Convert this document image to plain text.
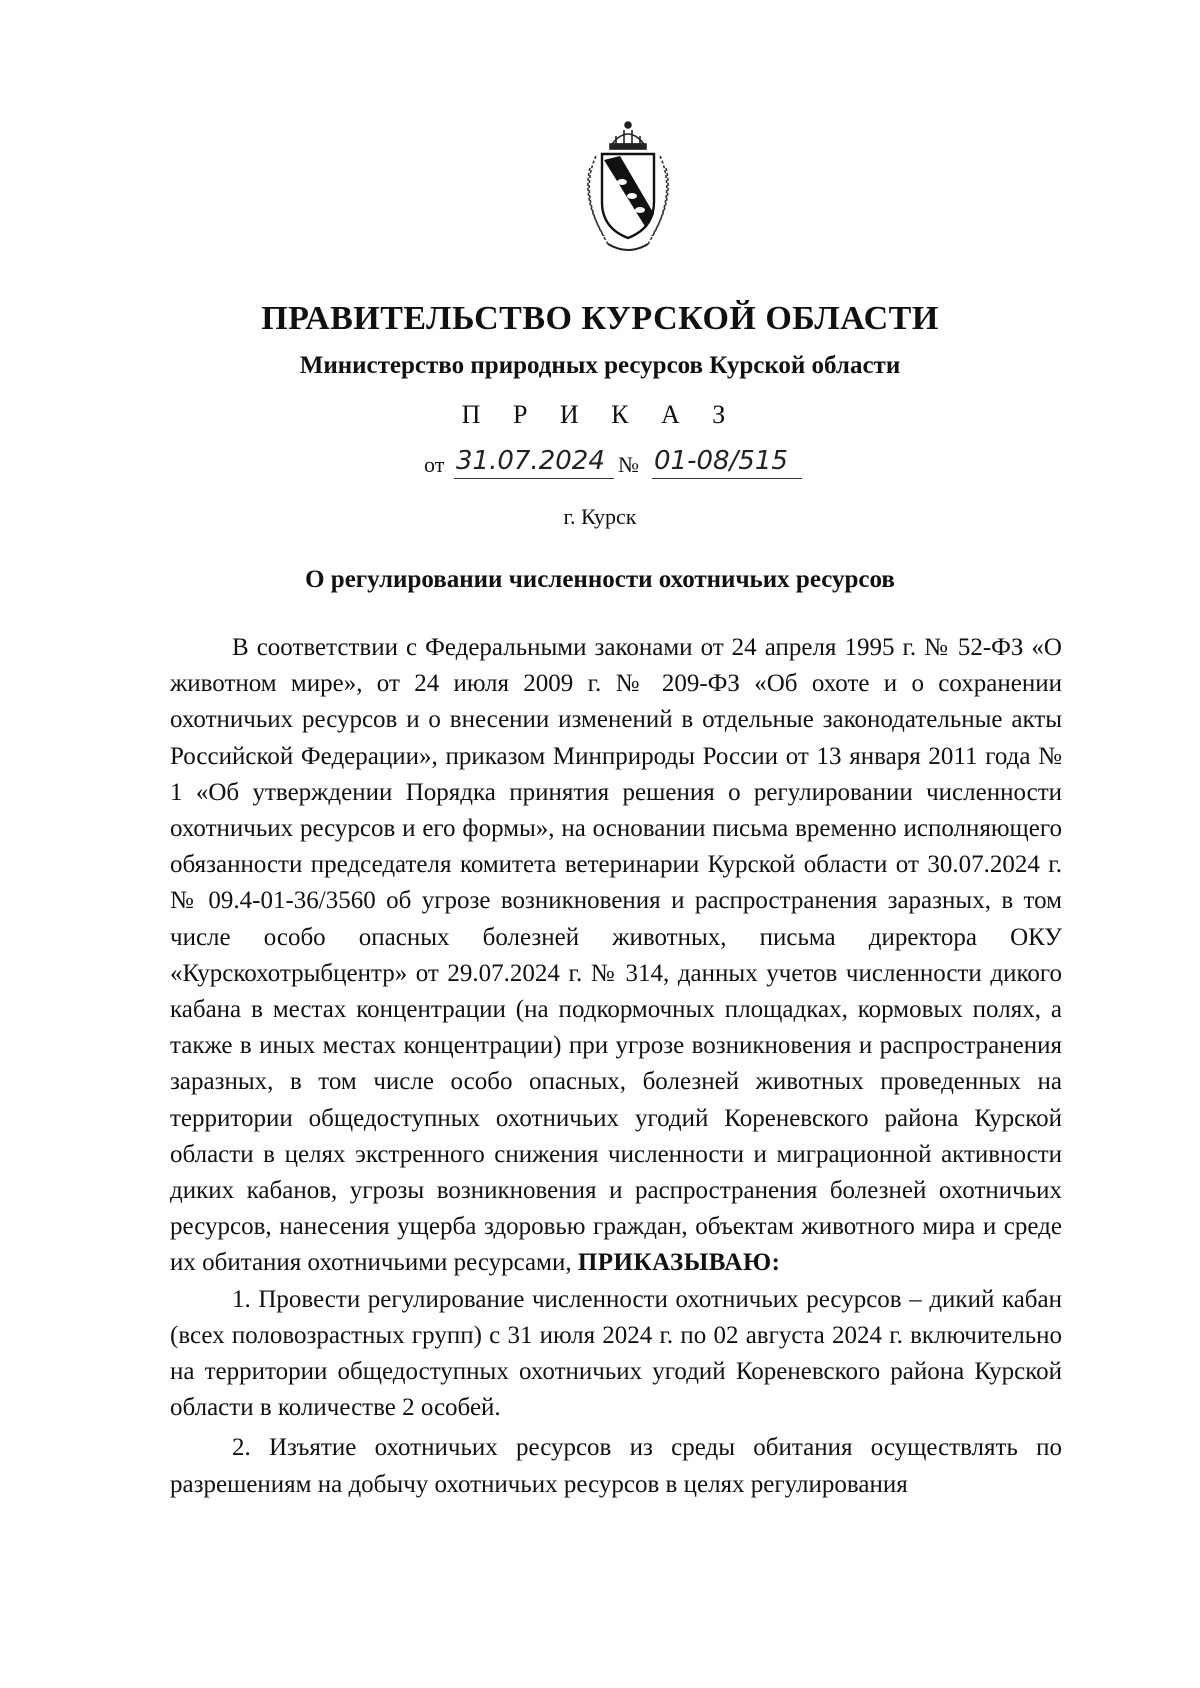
ПРАВИТЕЛЬСТВО КУРСКОЙ ОБЛАСТИ
Министерство природных ресурсов Курской области
П Р И К А З
от 31.07.2024 № 01-08/515
г. Курск
О регулировании численности охотничьих ресурсов

В соответствии с Федеральными законами от 24 апреля 1995 г. № 52-ФЗ «О животном мире», от 24 июля 2009 г. № 209-ФЗ «Об охоте и о сохранении охотничьих ресурсов и о внесении изменений в отдельные законодательные акты Российской Федерации», приказом Минприроды России от 13 января 2011 года № 1 «Об утверждении Порядка принятия решения о регулировании численности охотничьих ресурсов и его формы», на основании письма временно исполняющего обязанности председателя комитета ветеринарии Курской области от 30.07.2024 г. № 09.4-01-36/3560 об угрозе возникновения и распространения заразных, в том числе особо опасных болезней животных, письма директора ОКУ «Курскохотрыбцентр» от 29.07.2024 г. № 314, данных учетов численности дикого кабана в местах концентрации (на подкормочных площадках, кормовых полях, а также в иных местах концентрации) при угрозе возникновения и распространения заразных, в том числе особо опасных, болезней животных проведенных на территории общедоступных охотничьих угодий Кореневского района Курской области в целях экстренного снижения численности и миграционной активности диких кабанов, угрозы возникновения и распространения болезней охотничьих ресурсов, нанесения ущерба здоровью граждан, объектам животного мира и среде их обитания охотничьими ресурсами, ПРИКАЗЫВАЮ:

1. Провести регулирование численности охотничьих ресурсов – дикий кабан (всех половозрастных групп) с 31 июля 2024 г. по 02 августа 2024 г. включительно на территории общедоступных охотничьих угодий Кореневского района Курской области в количестве 2 особей.

2. Изъятие охотничьих ресурсов из среды обитания осуществлять по разрешениям на добычу охотничьих ресурсов в целях регулирования
